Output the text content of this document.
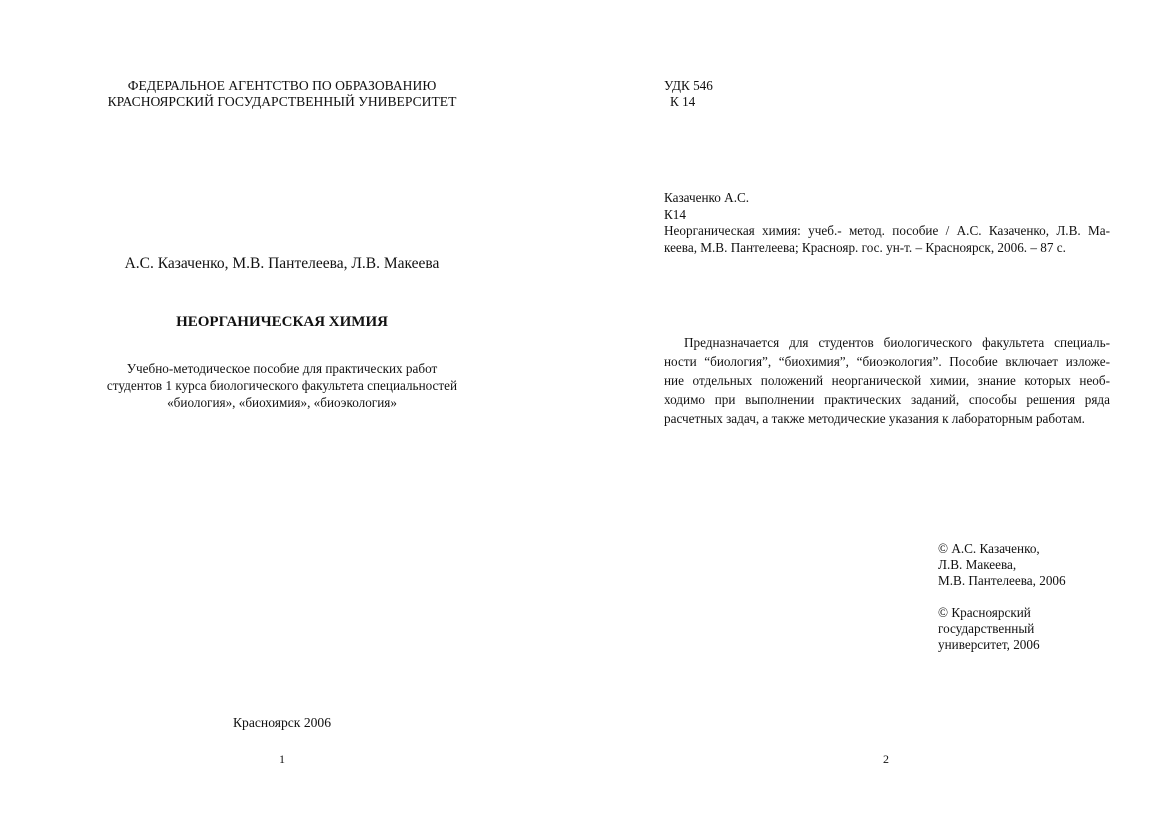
ФЕДЕРАЛЬНОЕ АГЕНТСТВО ПО ОБРАЗОВАНИЮ
КРАСНОЯРСКИЙ ГОСУДАРСТВЕННЫЙ УНИВЕРСИТЕТ
А.С. Казаченко, М.В. Пантелеева, Л.В. Макеева
НЕОРГАНИЧЕСКАЯ ХИМИЯ
Учебно-методическое пособие для практических работ
студентов 1 курса биологического факультета специальностей
«биология», «биохимия», «биоэкология»
Красноярск 2006
1
УДК 546
К 14
Казаченко А.С.
К14
Неорганическая химия: учеб.- метод. пособие / А.С. Казаченко, Л.В. Ма-
кеева, М.В. Пантелеева; Краснояр. гос. ун-т. – Красноярск, 2006. – 87 с.
Предназначается для студентов биологического факультета специаль-
ности “биология”, “биохимия”, “биоэкология”. Пособие включает изложе-
ние отдельных положений неорганической химии, знание которых необ-
ходимо при выполнении практических заданий, способы решения ряда
расчетных задач, а также методические указания к лабораторным работам.
© А.С. Казаченко,
Л.В. Макеева,
М.В. Пантелеева, 2006
© Красноярский
государственный
университет, 2006
2
